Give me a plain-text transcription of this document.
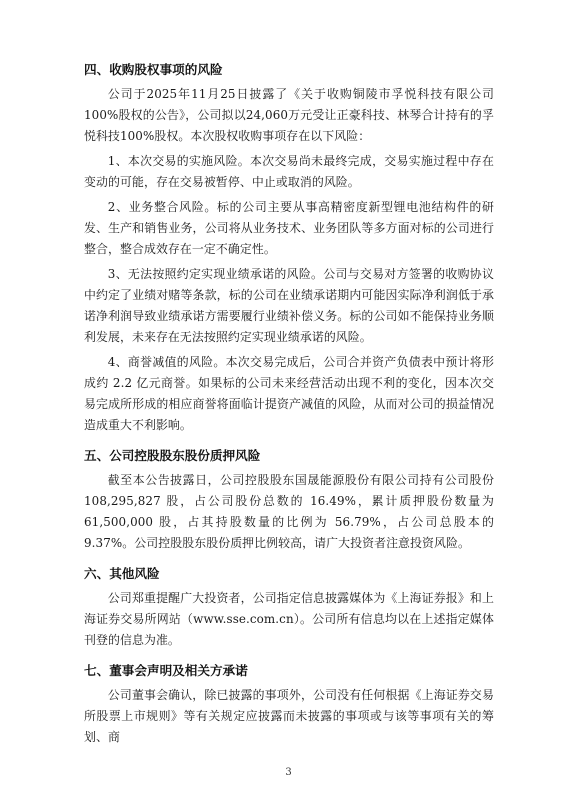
四、收购股权事项的风险

公司于2025年11月25日披露了《关于收购铜陵市孚悦科技有限公司100%股权的公告》，公司拟以24,060万元受让正豪科技、林琴合计持有的孚悦科技100%股权。本次股权收购事项存在以下风险：

1、本次交易的实施风险。本次交易尚未最终完成，交易实施过程中存在变动的可能，存在交易被暂停、中止或取消的风险。

2、业务整合风险。标的公司主要从事高精密度新型锂电池结构件的研发、生产和销售业务，公司将从业务技术、业务团队等多方面对标的公司进行整合，整合成效存在一定不确定性。

3、无法按照约定实现业绩承诺的风险。公司与交易对方签署的收购协议中约定了业绩对赌等条款，标的公司在业绩承诺期内可能因实际净利润低于承诺净利润导致业绩承诺方需要履行业绩补偿义务。标的公司如不能保持业务顺利发展，未来存在无法按照约定实现业绩承诺的风险。

4、商誉减值的风险。本次交易完成后，公司合并资产负债表中预计将形成约 2.2 亿元商誉。如果标的公司未来经营活动出现不利的变化，因本次交易完成所形成的相应商誉将面临计提资产减值的风险，从而对公司的损益情况造成重大不利影响。

五、公司控股股东股份质押风险

截至本公告披露日，公司控股股东国晟能源股份有限公司持有公司股份 108,295,827 股，占公司股份总数的 16.49%，累计质押股份数量为 61,500,000 股，占其持股数量的比例为 56.79%，占公司总股本的 9.37%。公司控股股东股份质押比例较高，请广大投资者注意投资风险。

六、其他风险

公司郑重提醒广大投资者，公司指定信息披露媒体为《上海证券报》和上海证券交易所网站（www.sse.com.cn）。公司所有信息均以在上述指定媒体刊登的信息为准。

七、董事会声明及相关方承诺

公司董事会确认，除已披露的事项外，公司没有任何根据《上海证券交易所股票上市规则》等有关规定应披露而未披露的事项或与该等事项有关的筹划、商

3
